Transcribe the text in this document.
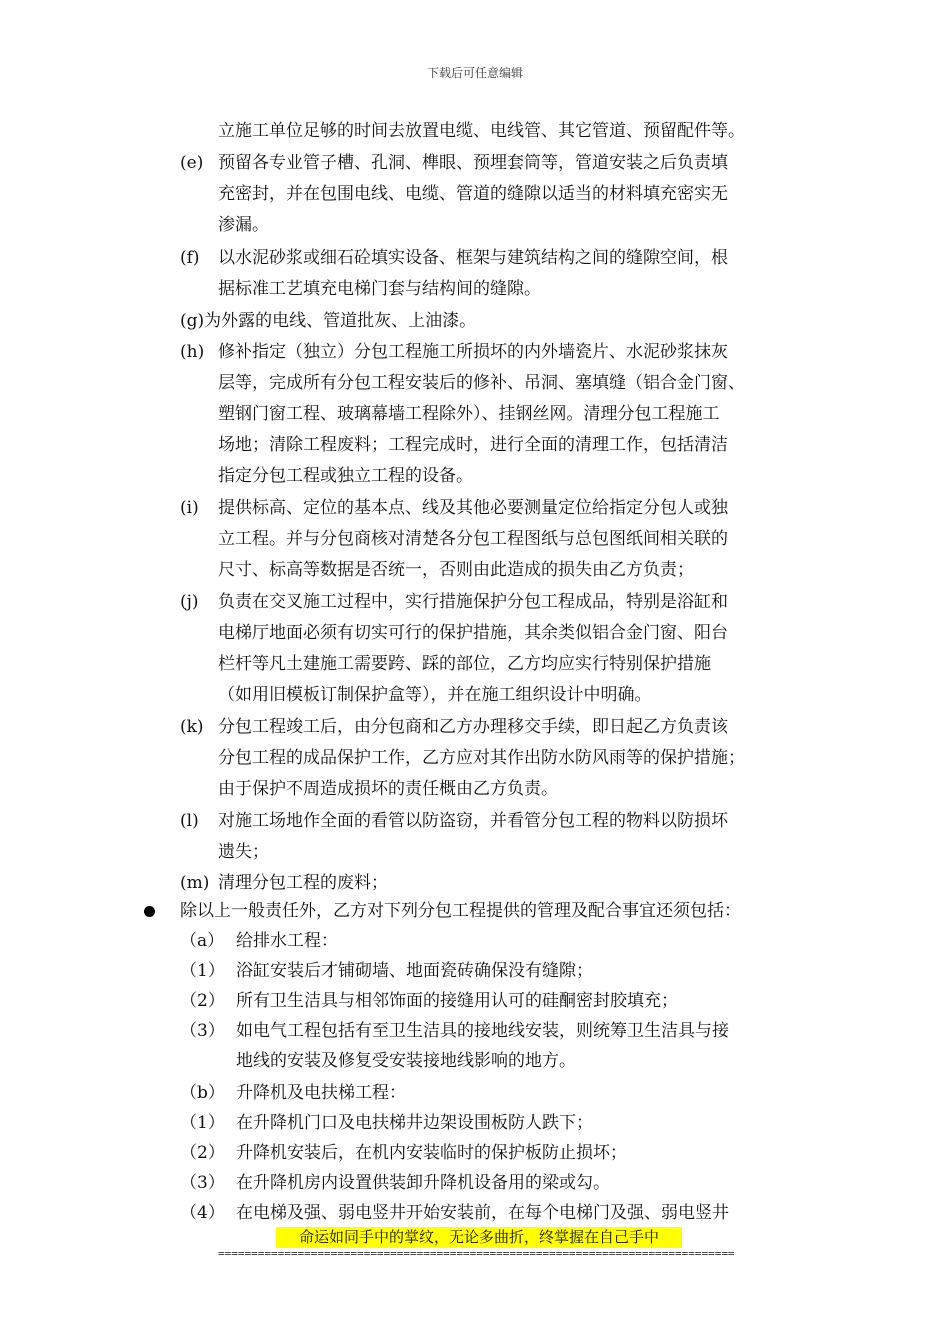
下载后可任意编辑
立施工单位足够的时间去放置电缆、电线管、其它管道、预留配件等。
(e) 预留各专业管子槽、孔洞、榫眼、预埋套筒等，管道安装之后负责填
充密封，并在包围电线、电缆、管道的缝隙以适当的材料填充密实无
渗漏。
(f) 以水泥砂浆或细石砼填实设备、框架与建筑结构之间的缝隙空间，根
据标准工艺填充电梯门套与结构间的缝隙。
(g)为外露的电线、管道批灰、上油漆。
(h) 修补指定（独立）分包工程施工所损坏的内外墙瓷片、水泥砂浆抹灰
层等，完成所有分包工程安装后的修补、吊洞、塞填缝（铝合金门窗、
塑钢门窗工程、玻璃幕墙工程除外）、挂钢丝网。清理分包工程施工
场地；清除工程废料；工程完成时，进行全面的清理工作，包括清洁
指定分包工程或独立工程的设备。
(i) 提供标高、定位的基本点、线及其他必要测量定位给指定分包人或独
立工程。并与分包商核对清楚各分包工程图纸与总包图纸间相关联的
尺寸、标高等数据是否统一，否则由此造成的损失由乙方负责；
(j) 负责在交叉施工过程中，实行措施保护分包工程成品，特别是浴缸和
电梯厅地面必须有切实可行的保护措施，其余类似铝合金门窗、阳台
栏杆等凡土建施工需要跨、踩的部位，乙方均应实行特别保护措施
（如用旧模板订制保护盒等），并在施工组织设计中明确。
(k) 分包工程竣工后，由分包商和乙方办理移交手续，即日起乙方负责该
分包工程的成品保护工作，乙方应对其作出防水防风雨等的保护措施；
由于保护不周造成损坏的责任概由乙方负责。
(l) 对施工场地作全面的看管以防盗窃，并看管分包工程的物料以防损坏
遗失；
(m) 清理分包工程的废料；
除以上一般责任外，乙方对下列分包工程提供的管理及配合事宜还须包括：
（a） 给排水工程：
（1） 浴缸安装后才铺砌墙、地面瓷砖确保没有缝隙；
（2） 所有卫生洁具与相邻饰面的接缝用认可的硅酮密封胶填充；
（3） 如电气工程包括有至卫生洁具的接地线安装，则统筹卫生洁具与接
地线的安装及修复受安装接地线影响的地方。
（b） 升降机及电扶梯工程：
（1） 在升降机门口及电扶梯井边架设围板防人跌下；
（2） 升降机安装后，在机内安装临时的保护板防止损坏；
（3） 在升降机房内设置供装卸升降机设备用的梁或勾。
（4） 在电梯及强、弱电竖井开始安装前，在每个电梯门及强、弱电竖井
命运如同手中的掌纹，无论多曲折，终掌握在自己手中
==============================================================================
